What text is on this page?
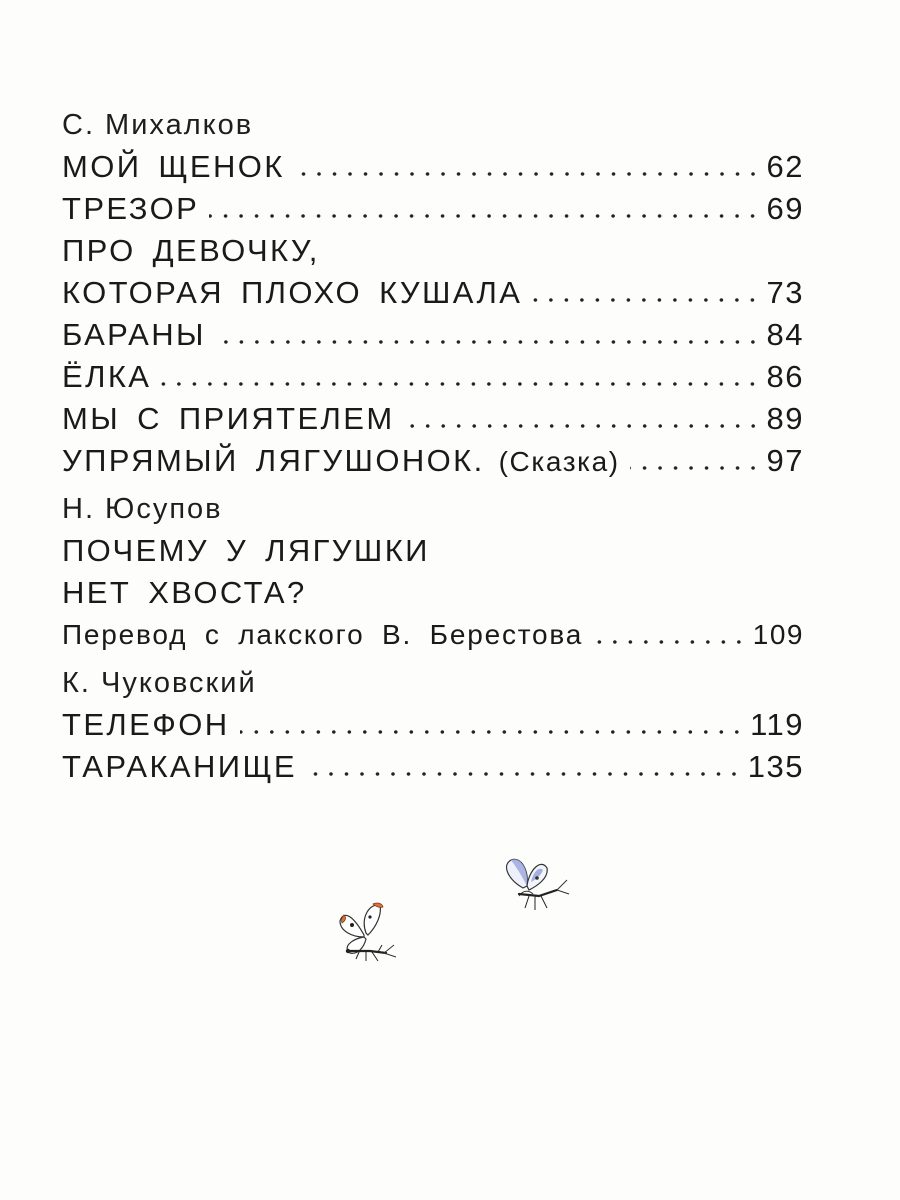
С. Михалков
МОЙ ЩЕНОК	62
ТРЕЗОР	69
ПРО ДЕВОЧКУ,
КОТОРАЯ ПЛОХО КУШАЛА	73
БАРАНЫ	84
ЁЛКА	86
МЫ С ПРИЯТЕЛЕМ	89
УПРЯМЫЙ ЛЯГУШОНОК. (Сказка)	97
Н. Юсупов
ПОЧЕМУ У ЛЯГУШКИ
НЕТ ХВОСТА?
Перевод с лакского В. Берестова	109
К. Чуковский
ТЕЛЕФОН	119
ТАРАКАНИЩЕ	135
